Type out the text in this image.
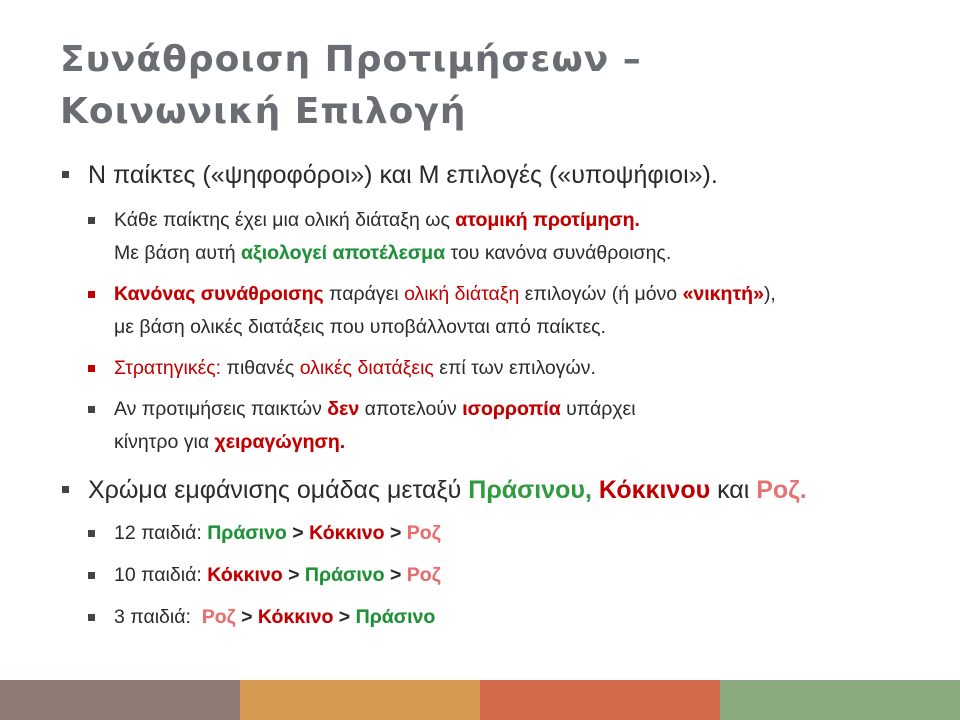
Συνάθροιση Προτιμήσεων –
Κοινωνική Επιλογή
Ν παίκτες («ψηφοφόροι») και Μ επιλογές («υποψήφιοι»).
Κάθε παίκτης έχει μια ολική διάταξη ως ατομική προτίμηση.
Με βάση αυτή αξιολογεί αποτέλεσμα του κανόνα συνάθροισης.
Κανόνας συνάθροισης παράγει ολική διάταξη επιλογών (ή μόνο «νικητή»),
με βάση ολικές διατάξεις που υποβάλλονται από παίκτες.
Στρατηγικές: πιθανές ολικές διατάξεις επί των επιλογών.
Αν προτιμήσεις παικτών δεν αποτελούν ισορροπία υπάρχει
κίνητρο για χειραγώγηση.
Χρώμα εμφάνισης ομάδας μεταξύ Πράσινου, Κόκκινου και Ροζ.
12 παιδιά: Πράσινο > Κόκκινο > Ροζ
10 παιδιά: Κόκκινο > Πράσινο > Ροζ
3 παιδιά:  Ροζ > Κόκκινο > Πράσινο
